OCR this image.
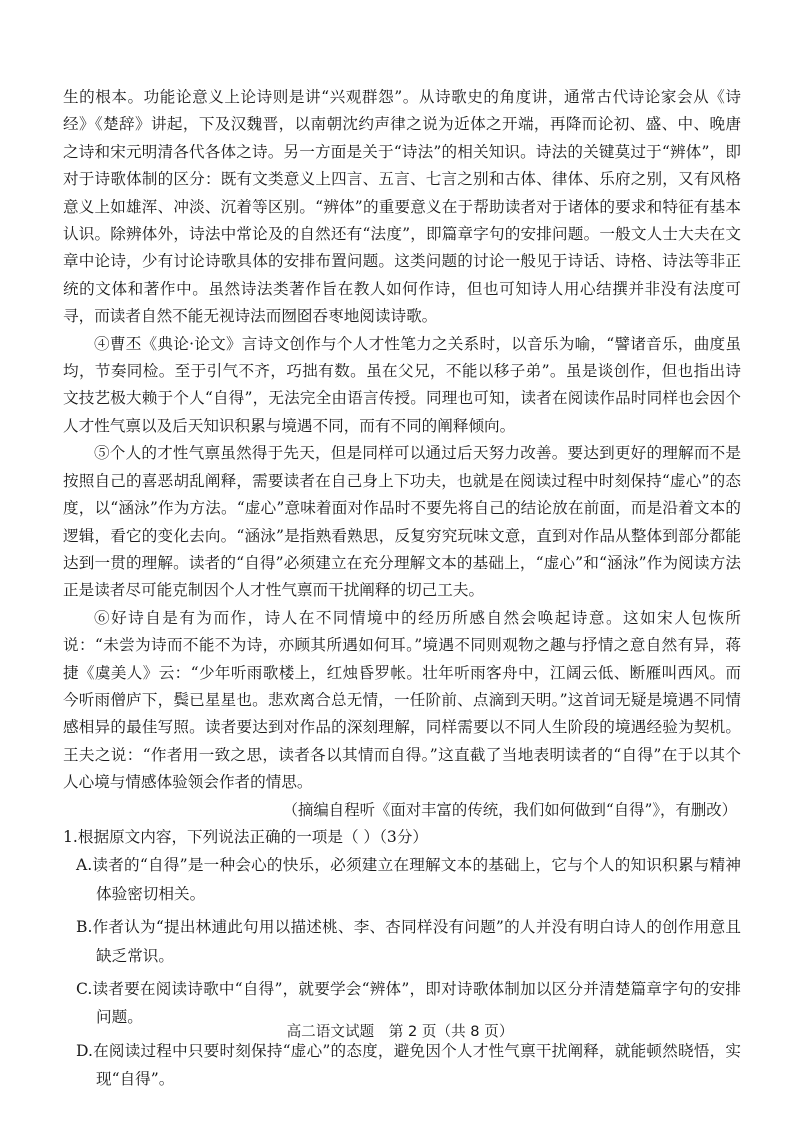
生的根本。功能论意义上论诗则是讲“兴观群怨”。从诗歌史的角度讲，通常古代诗论家会从《诗经》《楚辞》讲起，下及汉魏晋，以南朝沈约声律之说为近体之开端，再降而论初、盛、中、晚唐之诗和宋元明清各代各体之诗。另一方面是关于“诗法”的相关知识。诗法的关键莫过于“辨体”，即对于诗歌体制的区分：既有文类意义上四言、五言、七言之别和古体、律体、乐府之别，又有风格意义上如雄浑、冲淡、沉着等区别。“辨体”的重要意义在于帮助读者对于诸体的要求和特征有基本认识。除辨体外，诗法中常论及的自然还有“法度”，即篇章字句的安排问题。一般文人士大夫在文章中论诗，少有讨论诗歌具体的安排布置问题。这类问题的讨论一般见于诗话、诗格、诗法等非正统的文体和著作中。虽然诗法类著作旨在教人如何作诗，但也可知诗人用心结撰并非没有法度可寻，而读者自然不能无视诗法而囫囵吞枣地阅读诗歌。

④曹丕《典论·论文》言诗文创作与个人才性笔力之关系时，以音乐为喻，“譬诸音乐，曲度虽均，节奏同检。至于引气不齐，巧拙有数。虽在父兄，不能以移子弟”。虽是谈创作，但也指出诗文技艺极大赖于个人“自得”，无法完全由语言传授。同理也可知，读者在阅读作品时同样也会因个人才性气禀以及后天知识积累与境遇不同，而有不同的阐释倾向。

⑤个人的才性气禀虽然得于先天，但是同样可以通过后天努力改善。要达到更好的理解而不是按照自己的喜恶胡乱阐释，需要读者在自己身上下功夫，也就是在阅读过程中时刻保持“虚心”的态度，以“涵泳”作为方法。“虚心”意味着面对作品时不要先将自己的结论放在前面，而是沿着文本的逻辑，看它的变化去向。“涵泳”是指熟看熟思，反复穷究玩味文意，直到对作品从整体到部分都能达到一贯的理解。读者的“自得”必须建立在充分理解文本的基础上，“虚心”和“涵泳”作为阅读方法正是读者尽可能克制因个人才性气禀而干扰阐释的切己工夫。

⑥好诗自是有为而作，诗人在不同情境中的经历所感自然会唤起诗意。这如宋人包恢所说：“未尝为诗而不能不为诗，亦顾其所遇如何耳。”境遇不同则观物之趣与抒情之意自然有异，蒋捷《虞美人》云：“少年听雨歌楼上，红烛昏罗帐。壮年听雨客舟中，江阔云低、断雁叫西风。而今听雨僧庐下，鬓已星星也。悲欢离合总无情，一任阶前、点滴到天明。”这首词无疑是境遇不同情感相异的最佳写照。读者要达到对作品的深刻理解，同样需要以不同人生阶段的境遇经验为契机。王夫之说：“作者用一致之思，读者各以其情而自得。”这直截了当地表明读者的“自得”在于以其个人心境与情感体验领会作者的情思。

（摘编自程听《面对丰富的传统，我们如何做到“自得”》，有删改）

1.根据原文内容，下列说法正确的一项是（ ）（3分）

A.读者的“自得”是一种会心的快乐，必须建立在理解文本的基础上，它与个人的知识积累与精神体验密切相关。

B.作者认为“提出林逋此句用以描述桃、李、杏同样没有问题”的人并没有明白诗人的创作用意且缺乏常识。

C.读者要在阅读诗歌中“自得”，就要学会“辨体”，即对诗歌体制加以区分并清楚篇章字句的安排问题。

D.在阅读过程中只要时刻保持“虚心”的态度，避免因个人才性气禀干扰阐释，就能顿然晓悟，实现“自得”。

高二语文试题　第 2 页（共 8 页）
